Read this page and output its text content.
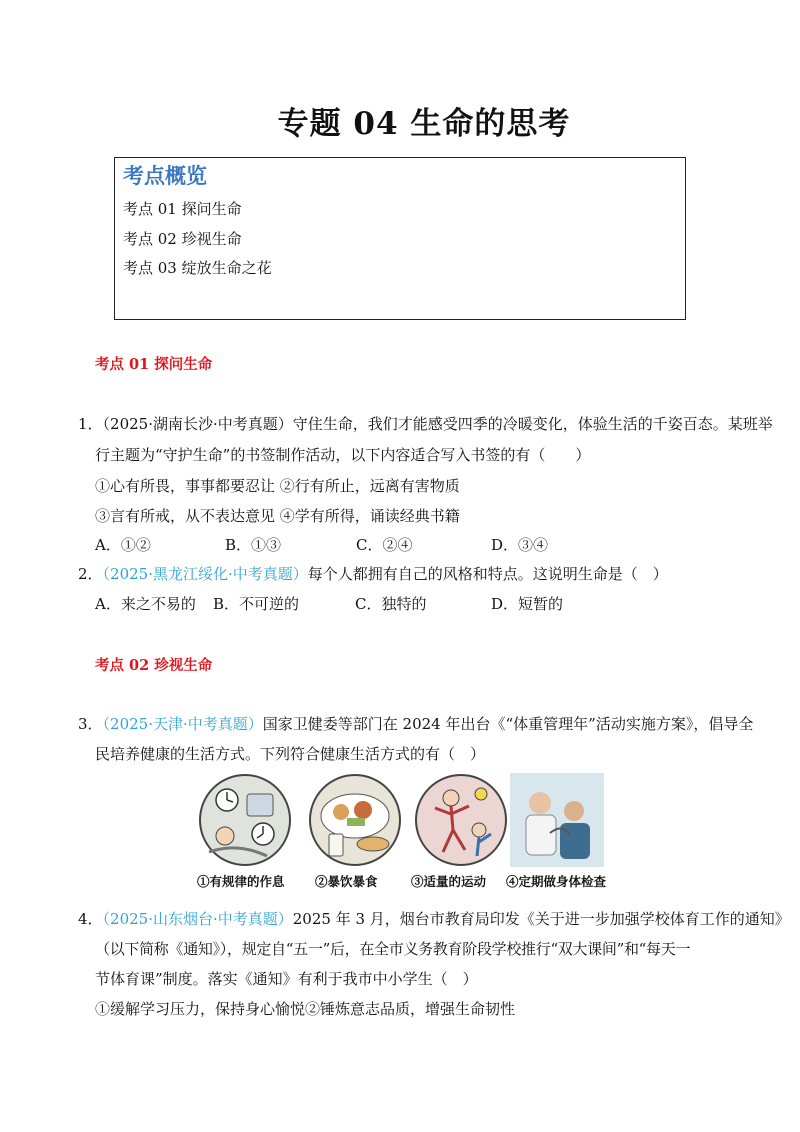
专题 04 生命的思考
考点概览
考点 01 探问生命
考点 02 珍视生命
考点 03 绽放生命之花
考点 01 探问生命
1．（2025·湖南长沙·中考真题）守住生命，我们才能感受四季的冷暖变化，体验生活的千姿百态。某班举
行主题为“守护生命”的书签制作活动，以下内容适合写入书签的有（　　）
①心有所畏，事事都要忍让 ②行有所止，远离有害物质
③言有所戒，从不表达意见 ④学有所得，诵读经典书籍
A．①②	B．①③	C．②④	D．③④
2．（2025·黑龙江绥化·中考真题）每个人都拥有自己的风格和特点。这说明生命是（　）
A．来之不易的 B．不可逆的	C．独特的	D．短暂的
考点 02 珍视生命
3．（2025·天津·中考真题）国家卫健委等部门在 2024 年出台《“体重管理年”活动实施方案》，倡导全
民培养健康的生活方式。下列符合健康生活方式的有（　）
①有规律的作息 ②暴饮暴食	③适量的运动 ④定期做身体检查
4．（2025·山东烟台·中考真题）2025 年 3 月，烟台市教育局印发《关于进一步加强学校体育工作的通知》
（以下简称《通知》），规定自“五一”后，在全市义务教育阶段学校推行“双大课间”和“每天一
节体育课”制度。落实《通知》有利于我市中小学生（　）
①缓解学习压力，保持身心愉悦②锤炼意志品质，增强生命韧性
